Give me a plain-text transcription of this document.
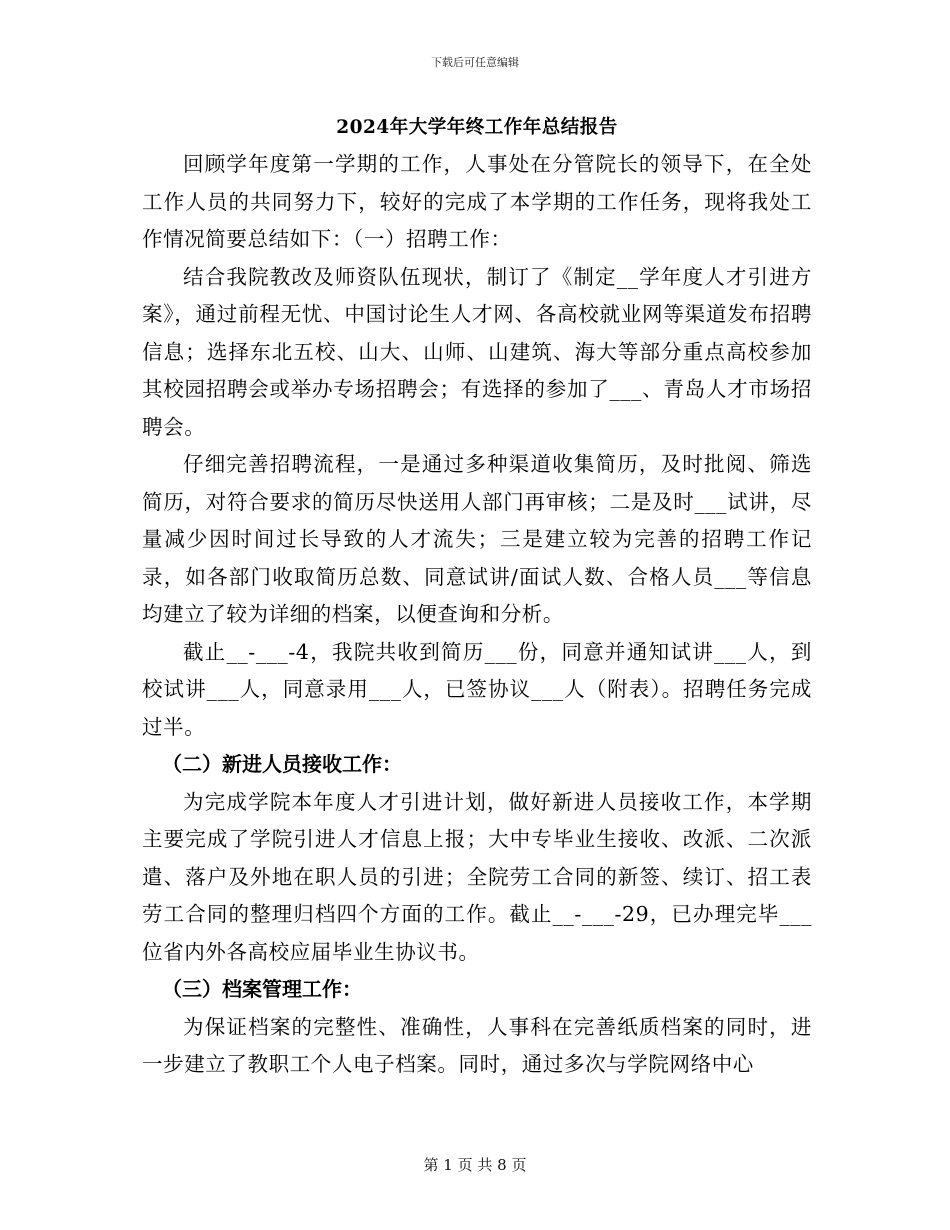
下载后可任意编辑
2024年大学年终工作年总结报告

回顾学年度第一学期的工作，人事处在分管院长的领导下，在全处工作人员的共同努力下，较好的完成了本学期的工作任务，现将我处工作情况简要总结如下：（一）招聘工作：

结合我院教改及师资队伍现状，制订了《制定__学年度人才引进方案》，通过前程无忧、中国讨论生人才网、各高校就业网等渠道发布招聘信息；选择东北五校、山大、山师、山建筑、海大等部分重点高校参加其校园招聘会或举办专场招聘会；有选择的参加了___、青岛人才市场招聘会。

仔细完善招聘流程，一是通过多种渠道收集简历，及时批阅、筛选简历，对符合要求的简历尽快送用人部门再审核；二是及时___试讲，尽量减少因时间过长导致的人才流失；三是建立较为完善的招聘工作记录，如各部门收取简历总数、同意试讲/面试人数、合格人员___等信息均建立了较为详细的档案，以便查询和分析。

截止__-___-4，我院共收到简历___份，同意并通知试讲___人，到校试讲___人，同意录用___人，已签协议___人（附表）。招聘任务完成过半。

（二）新进人员接收工作：

为完成学院本年度人才引进计划，做好新进人员接收工作，本学期主要完成了学院引进人才信息上报；大中专毕业生接收、改派、二次派遣、落户及外地在职人员的引进；全院劳工合同的新签、续订、招工表劳工合同的整理归档四个方面的工作。截止__-___-29，已办理完毕___位省内外各高校应届毕业生协议书。

（三）档案管理工作：

为保证档案的完整性、准确性，人事科在完善纸质档案的同时，进一步建立了教职工个人电子档案。同时，通过多次与学院网络中心

第 1 页 共 8 页
